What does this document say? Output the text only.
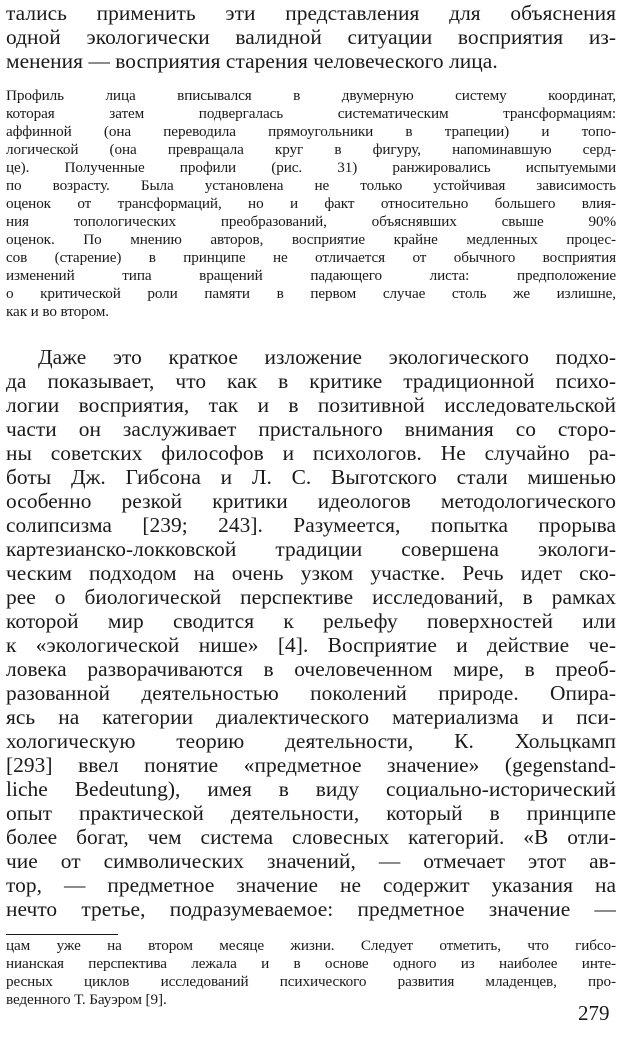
тались применить эти представления для объяснения
одной экологически валидной ситуации восприятия из-
менения — восприятия старения человеческого лица.
Профиль лица вписывался в двумерную систему координат,
которая затем подвергалась систематическим трансформациям:
аффинной (она переводила прямоугольники в трапеции) и топо-
логической (она превращала круг в фигуру, напоминавшую серд-
це). Полученные профили (рис. 31) ранжировались испытуемыми
по возрасту. Была установлена не только устойчивая зависимость
оценок от трансформаций, но и факт относительно большего влия-
ния топологических преобразований, объяснявших свыше 90%
оценок. По мнению авторов, восприятие крайне медленных процес-
сов (старение) в принципе не отличается от обычного восприятия
изменений типа вращений падающего листа: предположение
о критической роли памяти в первом случае столь же излишне,
как и во втором.
Даже это краткое изложение экологического подхо-
да показывает, что как в критике традиционной психо-
логии восприятия, так и в позитивной исследовательской
части он заслуживает пристального внимания со сторо-
ны советских философов и психологов. Не случайно ра-
боты Дж. Гибсона и Л. С. Выготского стали мишенью
особенно резкой критики идеологов методологического
солипсизма [239; 243]. Разумеется, попытка прорыва
картезианско-локковской традиции совершена экологи-
ческим подходом на очень узком участке. Речь идет ско-
рее о биологической перспективе исследований, в рамках
которой мир сводится к рельефу поверхностей или
к «экологической нише» [4]. Восприятие и действие че-
ловека разворачиваются в очеловеченном мире, в преоб-
разованной деятельностью поколений природе. Опира-
ясь на категории диалектического материализма и пси-
хологическую теорию деятельности, К. Хольцкамп
[293] ввел понятие «предметное значение» (gegenstand-
liche Bedeutung), имея в виду социально-исторический
опыт практической деятельности, который в принципе
более богат, чем система словесных категорий. «В отли-
чие от символических значений, — отмечает этот ав-
тор, — предметное значение не содержит указания на
нечто третье, подразумеваемое: предметное значение —
цам уже на втором месяце жизни. Следует отметить, что гибсо-
нианская перспектива лежала и в основе одного из наиболее инте-
ресных циклов исследований психического развития младенцев, про-
веденного Т. Бауэром [9].
279
